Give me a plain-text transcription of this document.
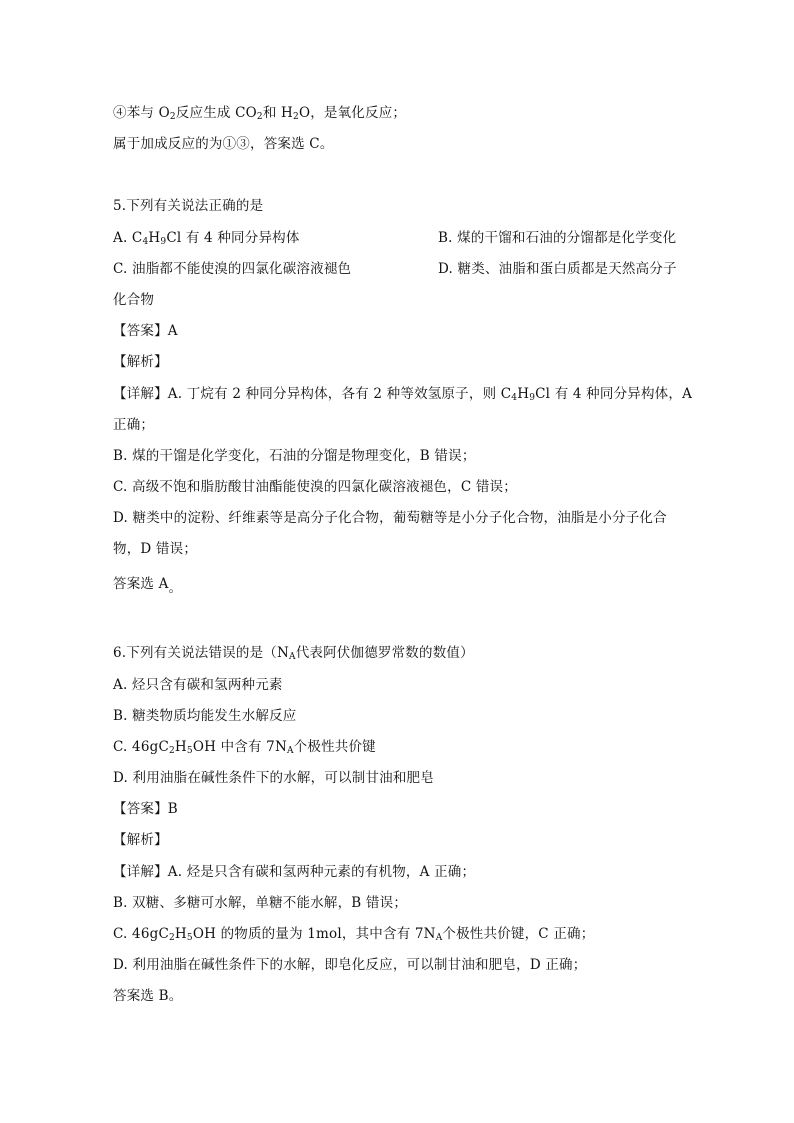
④苯与 $O_2$反应生成 $CO_2$和 $H_2O$，是氧化反应；
属于加成反应的为①③，答案选 C。
5.下列有关说法正确的是
A. $C_4H_9Cl$ 有 4 种同分异构体	B. 煤的干馏和石油的分馏都是化学变化
C. 油脂都不能使溴的四氯化碳溶液褪色	D. 糖类、油脂和蛋白质都是天然高分子
化合物
【答案】A
【解析】
【详解】A. 丁烷有 2 种同分异构体，各有 2 种等效氢原子，则 $C_4H_9Cl$ 有 4 种同分异构体，A
正确；
B. 煤的干馏是化学变化，石油的分馏是物理变化，B 错误；
C. 高级不饱和脂肪酸甘油酯能使溴的四氯化碳溶液褪色，C 错误；
D. 糖类中的淀粉、纤维素等是高分子化合物，葡萄糖等是小分子化合物，油脂是小分子化合
物，D 错误；
答案选 A。
6.下列有关说法错误的是（$N_A$代表阿伏伽德罗常数的数值）
A. 烃只含有碳和氢两种元素
B. 糖类物质均能发生水解反应
C. $46gC_2H_5OH$ 中含有 $7N_A$个极性共价键
D. 利用油脂在碱性条件下的水解，可以制甘油和肥皂
【答案】B
【解析】
【详解】A. 烃是只含有碳和氢两种元素的有机物，A 正确；
B. 双糖、多糖可水解，单糖不能水解，B 错误；
C. $46gC_2H_5OH$ 的物质的量为 1mol，其中含有 $7N_A$个极性共价键，C 正确；
D. 利用油脂在碱性条件下的水解，即皂化反应，可以制甘油和肥皂，D 正确；
答案选 B。
